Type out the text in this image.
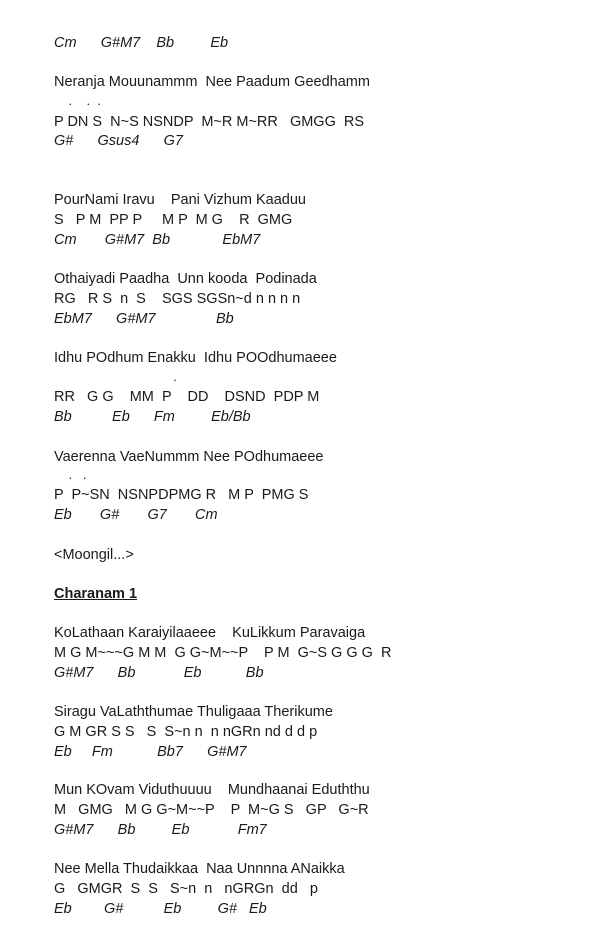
Cm      G#M7    Bb         Eb

Neranja Mouunammm  Nee Paadum Geedhamm

.    .  .

P DN S  N~S NSNDP  M~R M~RR   GMGG  RS

G#      Gsus4      G7

PourNami Iravu    Pani Vizhum Kaaduu

S   P M  PP P     M P  M G    R  GMG

Cm       G#M7  Bb             EbM7

Othaiyadi Paadha  Unn kooda  Podinada

RG   R S  n  S    SGS SGSn~d n n n n

EbM7      G#M7               Bb

Idhu POdhum Enakku  Idhu POOdhumaeee

.

RR   G G    MM  P    DD    DSND  PDP M

Bb          Eb      Fm         Eb/Bb

Vaerenna VaeNummm Nee POdhumaeee

.   .

P  P~SN  NSNPDPMG R   M P  PMG S

Eb       G#       G7       Cm

<Moongil...>

Charanam 1

KoLathaan Karaiyilaaeee    KuLikkum Paravaiga

M G M~~~G M M  G G~M~~P    P M  G~S G G G  R

G#M7      Bb            Eb           Bb

Siragu VaLaththumae Thuligaaa Therikume

G M GR S S   S  S~n n  n nGRn nd d d p

Eb     Fm           Bb7      G#M7

Mun KOvam Viduthuuuu    Mundhaanai Eduththu

M   GMG   M G G~M~~P    P  M~G S   GP   G~R

G#M7      Bb         Eb            Fm7

Nee Mella Thudaikkaa  Naa Unnnna ANaikka

G   GMGR  S  S   S~n  n   nGRGn  dd   p

Eb        G#          Eb         G#   Eb
